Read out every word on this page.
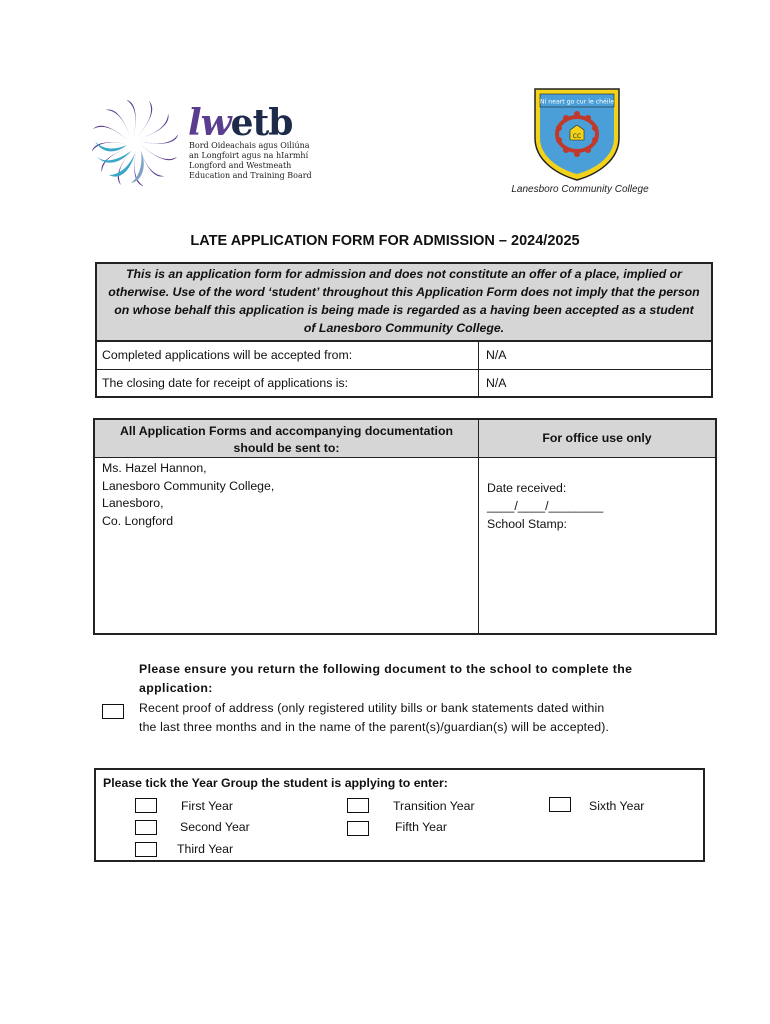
lwetb
Bord Oideachais agus Oiliúna
an Longfoirt agus na hIarmhí
Longford and Westmeath
Education and Training Board
Ní neart go cur le chéile
CC
Lanesboro Community College
LATE APPLICATION FORM FOR ADMISSION – 2024/2025
This is an application form for admission and does not constitute an offer of a place, implied or otherwise. Use of the word ‘student’ throughout this Application Form does not imply that the person on whose behalf this application is being made is regarded as a having been accepted as a student of Lanesboro Community College.
Completed applications will be accepted from:	N/A
The closing date for receipt of applications is:	N/A
All Application Forms and accompanying documentation
should be sent to:
For office use only
Ms. Hazel Hannon,
Lanesboro Community College,
Lanesboro,
Co. Longford
Date received:
____/____/________
School Stamp:
Please ensure you return the following document to the school to complete the application:
Recent proof of address (only registered utility bills or bank statements dated within
the last three months and in the name of the parent(s)/guardian(s) will be accepted).
Please tick the Year Group the student is applying to enter:
First Year
Second Year
Third Year
Transition Year
Fifth Year
Sixth Year
